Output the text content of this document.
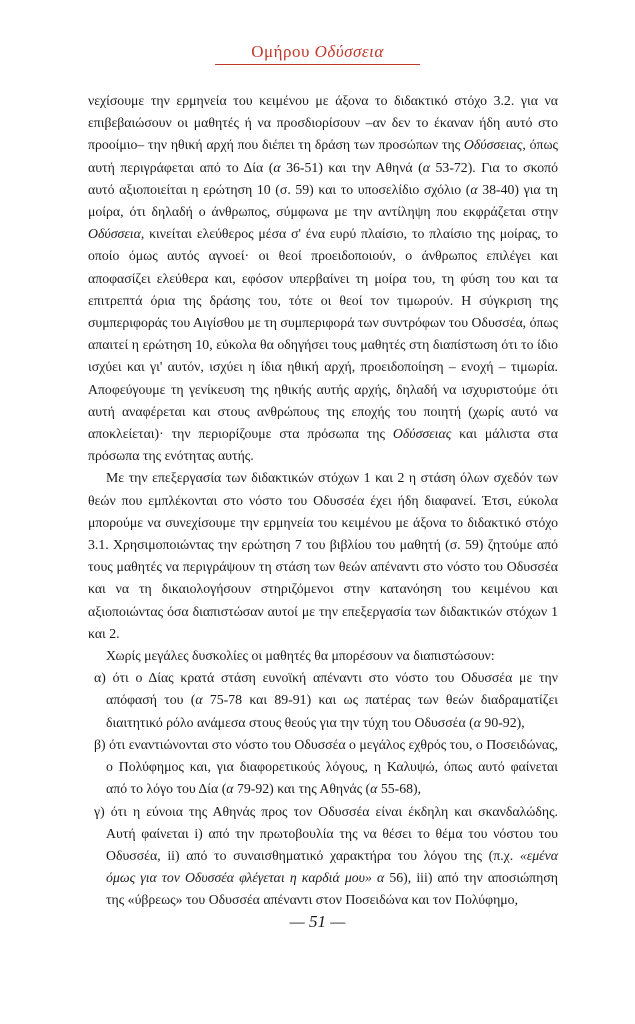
Ομήρου Οδύσσεια

νεχίσουμε την ερμηνεία του κειμένου με άξονα το διδακτικό στόχο 3.2. για να επιβεβαιώσουν οι μαθητές ή να προσδιορίσουν –αν δεν το έκαναν ήδη αυτό στο προοίμιο– την ηθική αρχή που διέπει τη δράση των προσώπων της Οδύσσειας, όπως αυτή περιγράφεται από το Δία (α 36-51) και την Αθηνά (α 53-72). Για το σκοπό αυτό αξιοποιείται η ερώτηση 10 (σ. 59) και το υποσελίδιο σχόλιο (α 38-40) για τη μοίρα, ότι δηλαδή ο άνθρωπος, σύμφωνα με την αντίληψη που εκφράζεται στην Οδύσσεια, κινείται ελεύθερος μέσα σ' ένα ευρύ πλαίσιο, το πλαίσιο της μοίρας, το οποίο όμως αυτός αγνοεί· οι θεοί προειδοποιούν, ο άνθρωπος επιλέγει και αποφασίζει ελεύθερα και, εφόσον υπερβαίνει τη μοίρα του, τη φύση του και τα επιτρεπτά όρια της δράσης του, τότε οι θεοί τον τιμωρούν. Η σύγκριση της συμπεριφοράς του Αιγίσθου με τη συμπεριφορά των συντρόφων του Οδυσσέα, όπως απαιτεί η ερώτηση 10, εύκολα θα οδηγήσει τους μαθητές στη διαπίστωση ότι το ίδιο ισχύει και γι' αυτόν, ισχύει η ίδια ηθική αρχή, προειδοποίηση – ενοχή – τιμωρία. Αποφεύγουμε τη γενίκευση της ηθικής αυτής αρχής, δηλαδή να ισχυριστούμε ότι αυτή αναφέρεται και στους ανθρώπους της εποχής του ποιητή (χωρίς αυτό να αποκλείεται)· την περιορίζουμε στα πρόσωπα της Οδύσσειας και μάλιστα στα πρόσωπα της ενότητας αυτής.

Με την επεξεργασία των διδακτικών στόχων 1 και 2 η στάση όλων σχεδόν των θεών που εμπλέκονται στο νόστο του Οδυσσέα έχει ήδη διαφανεί. Έτσι, εύκολα μπορούμε να συνεχίσουμε την ερμηνεία του κειμένου με άξονα το διδακτικό στόχο 3.1. Χρησιμοποιώντας την ερώτηση 7 του βιβλίου του μαθητή (σ. 59) ζητούμε από τους μαθητές να περιγράψουν τη στάση των θεών απέναντι στο νόστο του Οδυσσέα και να τη δικαιολογήσουν στηριζόμενοι στην κατανόηση του κειμένου και αξιοποιώντας όσα διαπιστώσαν αυτοί με την επεξεργασία των διδακτικών στόχων 1 και 2.

Χωρίς μεγάλες δυσκολίες οι μαθητές θα μπορέσουν να διαπιστώσουν:

α) ότι ο Δίας κρατά στάση ευνοϊκή απέναντι στο νόστο του Οδυσσέα με την απόφασή του (α 75-78 και 89-91) και ως πατέρας των θεών διαδραματίζει διαιτητικό ρόλο ανάμεσα στους θεούς για την τύχη του Οδυσσέα (α 90-92),

β) ότι εναντιώνονται στο νόστο του Οδυσσέα ο μεγάλος εχθρός του, ο Ποσειδώνας, ο Πολύφημος και, για διαφορετικούς λόγους, η Καλυψώ, όπως αυτό φαίνεται από το λόγο του Δία (α 79-92) και της Αθηνάς (α 55-68),

γ) ότι η εύνοια της Αθηνάς προς τον Οδυσσέα είναι έκδηλη και σκανδαλώδης. Αυτή φαίνεται i) από την πρωτοβουλία της να θέσει το θέμα του νόστου του Οδυσσέα, ii) από το συναισθηματικό χαρακτήρα του λόγου της (π.χ. «εμένα όμως για τον Οδυσσέα φλέγεται η καρδιά μου» α 56), iii) από την αποσιώπηση της «ύβρεως» του Οδυσσέα απέναντι στον Ποσειδώνα και τον Πολύφημο,

— 51 —
